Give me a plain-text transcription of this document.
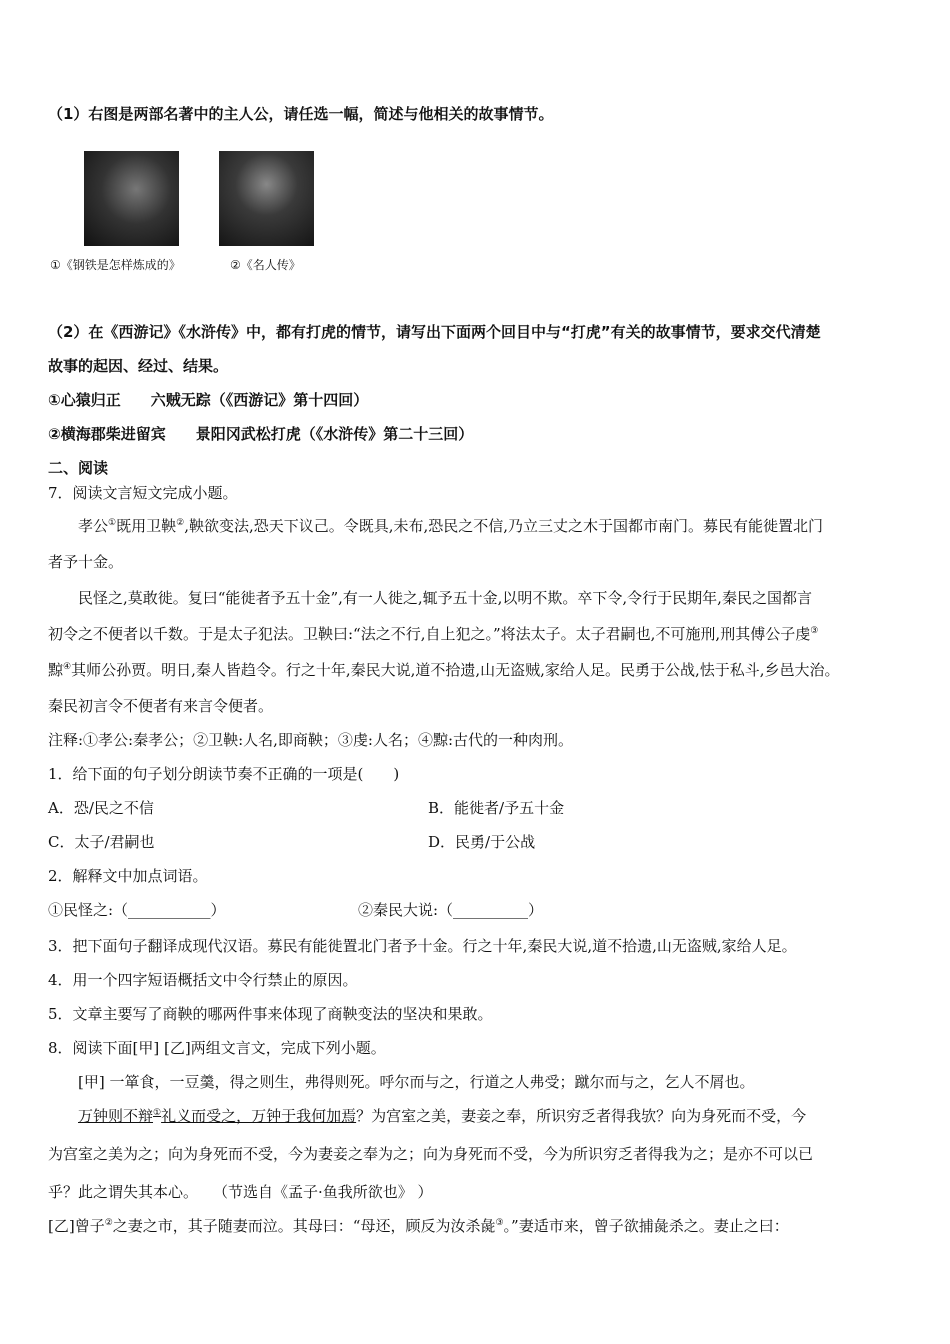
（1）右图是两部名著中的主人公，请任选一幅，简述与他相关的故事情节。
①《钢铁是怎样炼成的》	②《名人传》
（2）在《西游记》《水浒传》中，都有打虎的情节，请写出下面两个回目中与“打虎”有关的故事情节，要求交代清楚
故事的起因、经过、结果。
①心猿归正　　六贼无踪（《西游记》第十四回）
②横海郡柴进留宾　　景阳冈武松打虎（《水浒传》第二十三回）
二、阅读
7．阅读文言短文完成小题。
孝公①既用卫鞅②,鞅欲变法,恐天下议己。令既具,未布,恐民之不信,乃立三丈之木于国都市南门。募民有能徙置北门
者予十金。
民怪之,莫敢徙。复曰“能徙者予五十金”,有一人徙之,辄予五十金,以明不欺。卒下令,令行于民期年,秦民之国都言
初令之不便者以千数。于是太子犯法。卫鞅曰:“法之不行,自上犯之。”将法太子。太子君嗣也,不可施刑,刑其傅公子虔③
黥④其师公孙贾。明日,秦人皆趋令。行之十年,秦民大说,道不拾遗,山无盗贼,家给人足。民勇于公战,怯于私斗,乡邑大治。
秦民初言令不便者有来言令便者。
注释:①孝公:秦孝公；②卫鞅:人名,即商鞅；③虔:人名；④黥:古代的一种肉刑。
1．给下面的句子划分朗读节奏不正确的一项是(　　)
A．恐/民之不信	B．能徙者/予五十金
C．太子/君嗣也	D．民勇/于公战
2．解释文中加点词语。
①民怪之:（___________）	②秦民大说:（__________）
3．把下面句子翻译成现代汉语。募民有能徙置北门者予十金。行之十年,秦民大说,道不拾遗,山无盗贼,家给人足。
4．用一个四字短语概括文中令行禁止的原因。
5．文章主要写了商鞅的哪两件事来体现了商鞅变法的坚决和果敢。
8．阅读下面[甲] [乙]两组文言文，完成下列小题。
[甲] 一箪食，一豆羹，得之则生，弗得则死。呼尔而与之，行道之人弗受；蹴尔而与之，乞人不屑也。
万钟则不辩①礼义而受之，万钟于我何加焉？为宫室之美，妻妾之奉，所识穷乏者得我欤？向为身死而不受，今
为宫室之美为之；向为身死而不受，今为妻妾之奉为之；向为身死而不受，今为所识穷乏者得我为之；是亦不可以已
乎？此之谓失其本心。　　（节选自《孟子·鱼我所欲也》 ）
[乙]曾子②之妻之市，其子随妻而泣。其母曰：“母还，顾反为汝杀彘③。”妻适市来，曾子欲捕彘杀之。妻止之曰：
